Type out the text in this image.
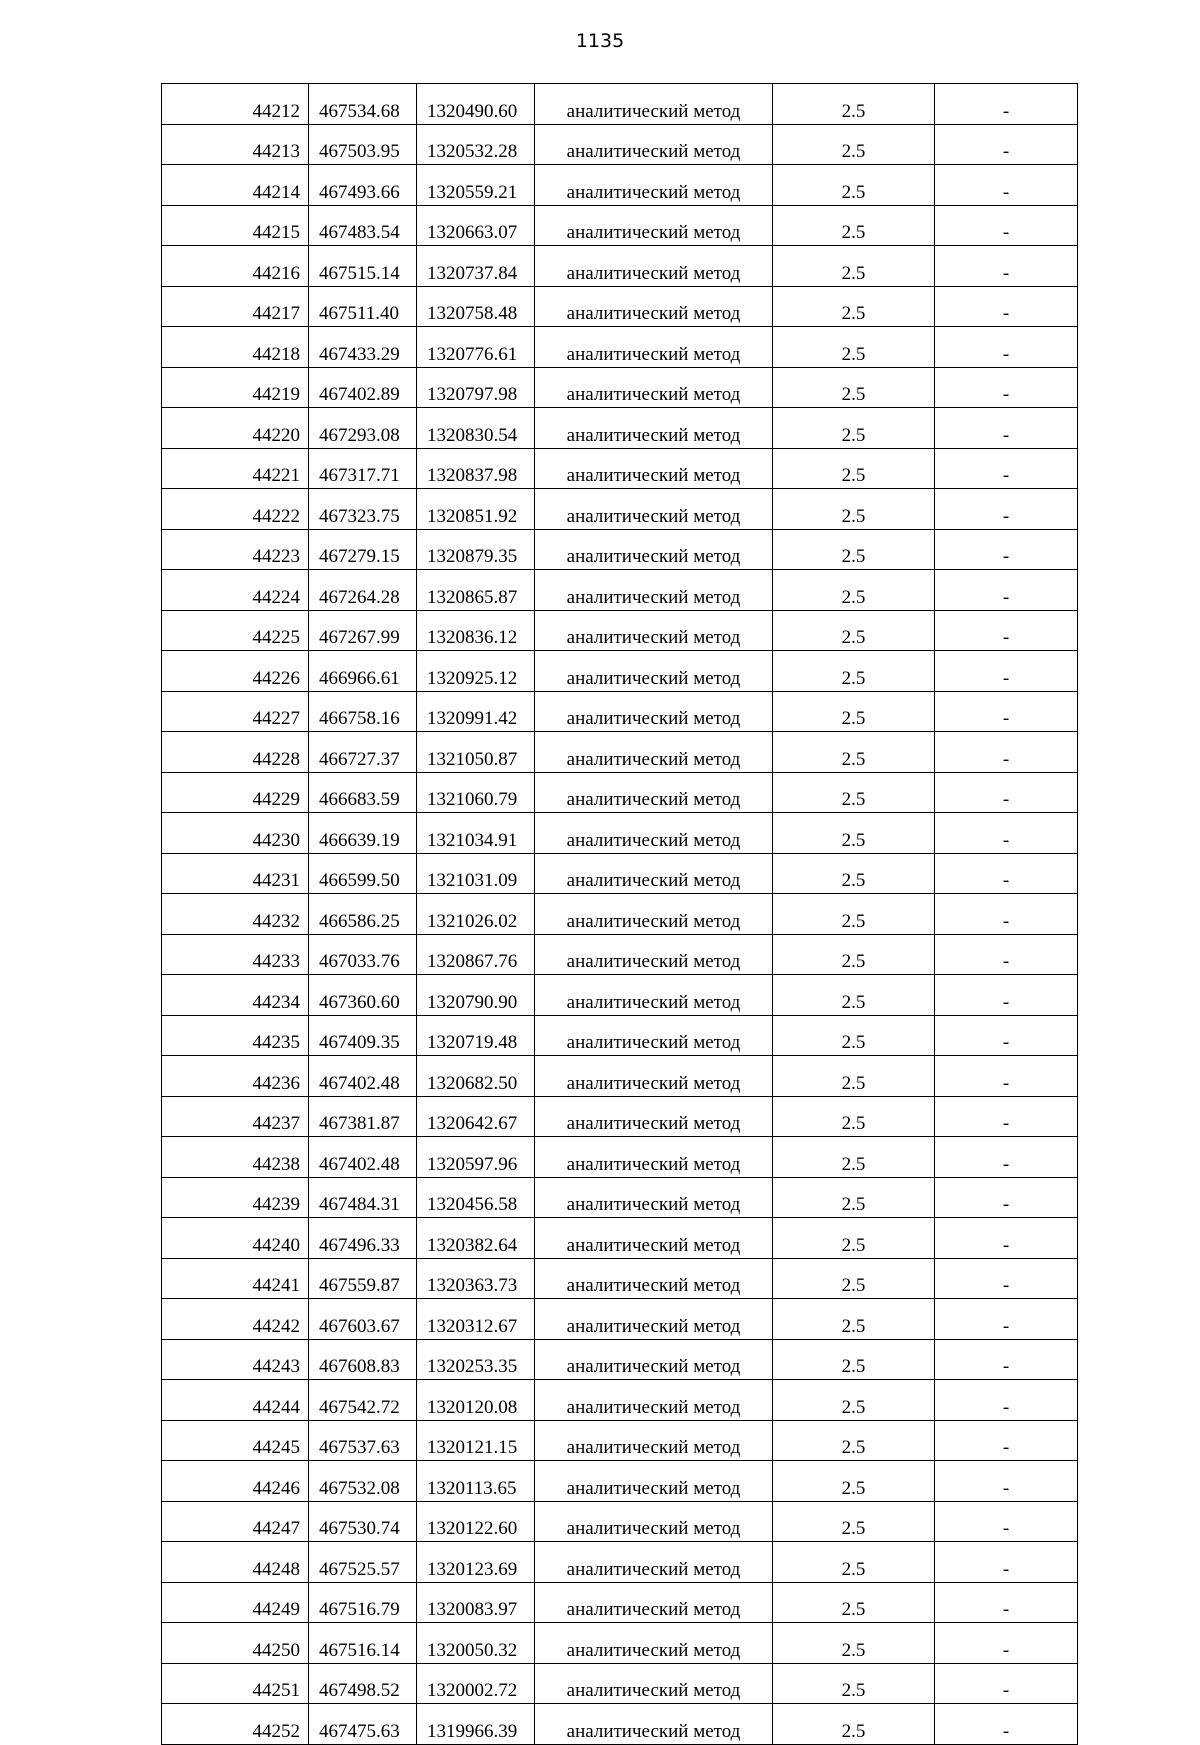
1135
44212	467534.68	1320490.60	аналитический метод	2.5	-
44213	467503.95	1320532.28	аналитический метод	2.5	-
44214	467493.66	1320559.21	аналитический метод	2.5	-
44215	467483.54	1320663.07	аналитический метод	2.5	-
44216	467515.14	1320737.84	аналитический метод	2.5	-
44217	467511.40	1320758.48	аналитический метод	2.5	-
44218	467433.29	1320776.61	аналитический метод	2.5	-
44219	467402.89	1320797.98	аналитический метод	2.5	-
44220	467293.08	1320830.54	аналитический метод	2.5	-
44221	467317.71	1320837.98	аналитический метод	2.5	-
44222	467323.75	1320851.92	аналитический метод	2.5	-
44223	467279.15	1320879.35	аналитический метод	2.5	-
44224	467264.28	1320865.87	аналитический метод	2.5	-
44225	467267.99	1320836.12	аналитический метод	2.5	-
44226	466966.61	1320925.12	аналитический метод	2.5	-
44227	466758.16	1320991.42	аналитический метод	2.5	-
44228	466727.37	1321050.87	аналитический метод	2.5	-
44229	466683.59	1321060.79	аналитический метод	2.5	-
44230	466639.19	1321034.91	аналитический метод	2.5	-
44231	466599.50	1321031.09	аналитический метод	2.5	-
44232	466586.25	1321026.02	аналитический метод	2.5	-
44233	467033.76	1320867.76	аналитический метод	2.5	-
44234	467360.60	1320790.90	аналитический метод	2.5	-
44235	467409.35	1320719.48	аналитический метод	2.5	-
44236	467402.48	1320682.50	аналитический метод	2.5	-
44237	467381.87	1320642.67	аналитический метод	2.5	-
44238	467402.48	1320597.96	аналитический метод	2.5	-
44239	467484.31	1320456.58	аналитический метод	2.5	-
44240	467496.33	1320382.64	аналитический метод	2.5	-
44241	467559.87	1320363.73	аналитический метод	2.5	-
44242	467603.67	1320312.67	аналитический метод	2.5	-
44243	467608.83	1320253.35	аналитический метод	2.5	-
44244	467542.72	1320120.08	аналитический метод	2.5	-
44245	467537.63	1320121.15	аналитический метод	2.5	-
44246	467532.08	1320113.65	аналитический метод	2.5	-
44247	467530.74	1320122.60	аналитический метод	2.5	-
44248	467525.57	1320123.69	аналитический метод	2.5	-
44249	467516.79	1320083.97	аналитический метод	2.5	-
44250	467516.14	1320050.32	аналитический метод	2.5	-
44251	467498.52	1320002.72	аналитический метод	2.5	-
44252	467475.63	1319966.39	аналитический метод	2.5	-
